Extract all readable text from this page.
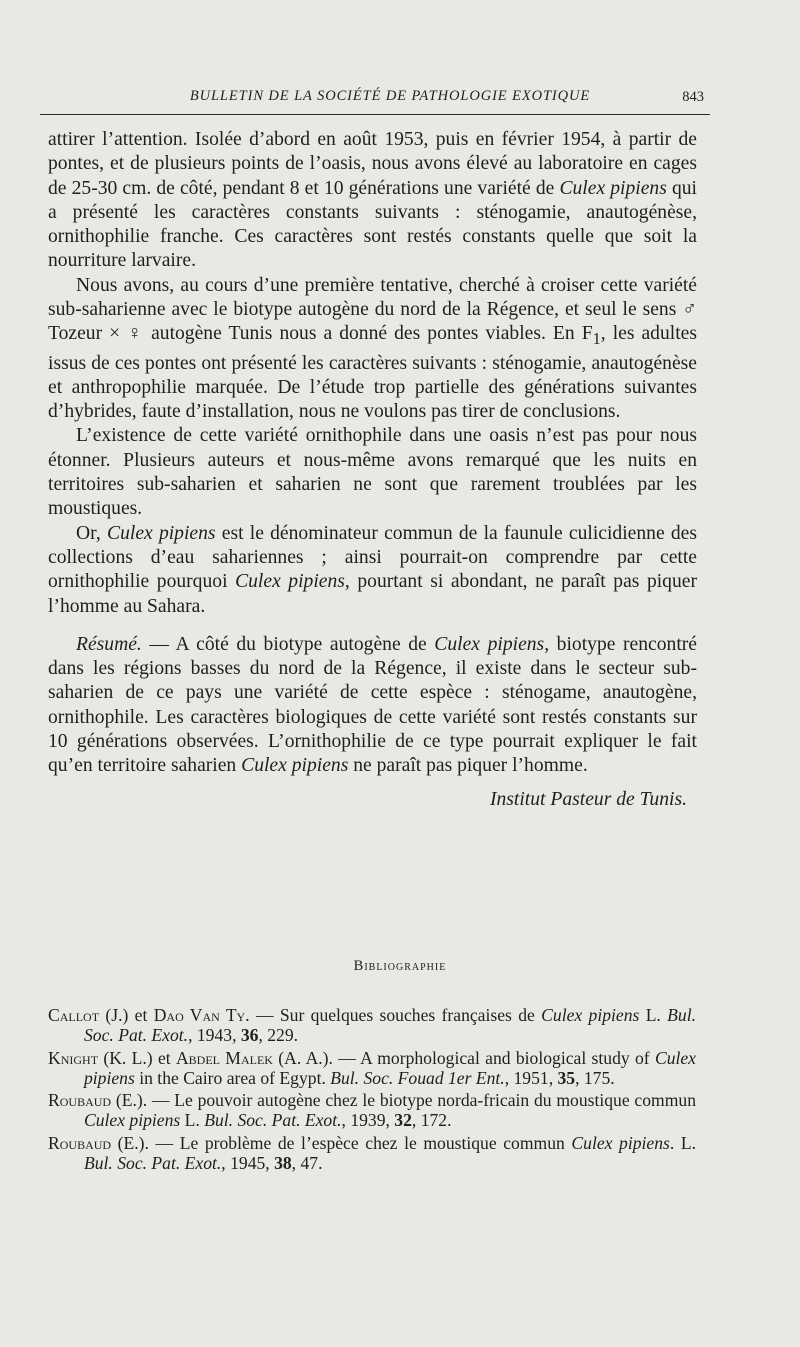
BULLETIN DE LA SOCIÉTÉ DE PATHOLOGIE EXOTIQUE	843

attirer l’attention. Isolée d’abord en août 1953, puis en février 1954, à partir de pontes, et de plusieurs points de l’oasis, nous avons élevé au laboratoire en cages de 25-30 cm. de côté, pendant 8 et 10 générations une variété de Culex pipiens qui a présenté les caractères constants suivants : sténogamie, anautogénèse, ornithophilie franche. Ces caractères sont restés constants quelle que soit la nourriture larvaire.

Nous avons, au cours d’une première tentative, cherché à croiser cette variété sub-saharienne avec le biotype autogène du nord de la Régence, et seul le sens ♂ Tozeur × ♀ autogène Tunis nous a donné des pontes viables. En $F_1$, les adultes issus de ces pontes ont présenté les caractères suivants : sténogamie, anautogénèse et anthropophilie marquée. De l’étude trop partielle des générations suivantes d’hybrides, faute d’installation, nous ne voulons pas tirer de conclusions.

L’existence de cette variété ornithophile dans une oasis n’est pas pour nous étonner. Plusieurs auteurs et nous-même avons remarqué que les nuits en territoires sub-saharien et saharien ne sont que rarement troublées par les moustiques.

Or, Culex pipiens est le dénominateur commun de la faunule culicidienne des collections d’eau sahariennes ; ainsi pourrait-on comprendre par cette ornithophilie pourquoi Culex pipiens, pourtant si abondant, ne paraît pas piquer l’homme au Sahara.

Résumé. — A côté du biotype autogène de Culex pipiens, biotype rencontré dans les régions basses du nord de la Régence, il existe dans le secteur sub-saharien de ce pays une variété de cette espèce : sténogame, anautogène, ornithophile. Les caractères biologiques de cette variété sont restés constants sur 10 générations observées. L’ornithophilie de ce type pourrait expliquer le fait qu’en territoire saharien Culex pipiens ne paraît pas piquer l’homme.

Institut Pasteur de Tunis.

Bibliographie

Callot (J.) et Dao Van Ty. — Sur quelques souches françaises de Culex pipiens L. Bul. Soc. Pat. Exot., 1943, 36, 229.

Knight (K. L.) et Abdel Malek (A. A.). — A morphological and biological study of Culex pipiens in the Cairo area of Egypt. Bul. Soc. Fouad 1er Ent., 1951, 35, 175.

Roubaud (E.). — Le pouvoir autogène chez le biotype norda-fricain du moustique commun Culex pipiens L. Bul. Soc. Pat. Exot., 1939, 32, 172.

Roubaud (E.). — Le problème de l’espèce chez le moustique commun Culex pipiens. L. Bul. Soc. Pat. Exot., 1945, 38, 47.
